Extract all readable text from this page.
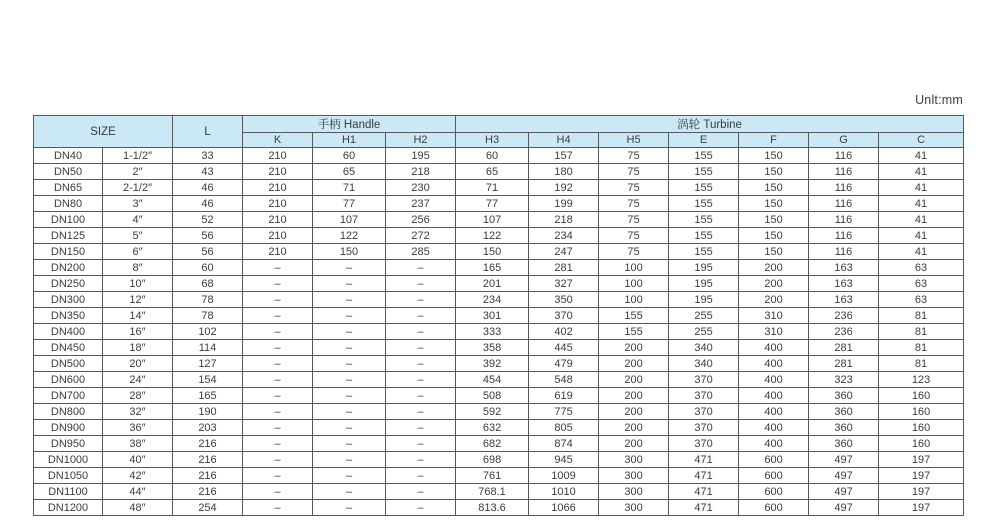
Unlt:mm
SIZE		L	手柄 Handle			涡轮 Turbine						
			K	H1	H2	H3	H4	H5	E	F	G	C
DN40	1-1/2″	33	210	60	195	60	157	75	155	150	116	41
DN50	2″	43	210	65	218	65	180	75	155	150	116	41
DN65	2-1/2″	46	210	71	230	71	192	75	155	150	116	41
DN80	3″	46	210	77	237	77	199	75	155	150	116	41
DN100	4″	52	210	107	256	107	218	75	155	150	116	41
DN125	5″	56	210	122	272	122	234	75	155	150	116	41
DN150	6″	56	210	150	285	150	247	75	155	150	116	41
DN200	8″	60	–	–	–	165	281	100	195	200	163	63
DN250	10″	68	–	–	–	201	327	100	195	200	163	63
DN300	12″	78	–	–	–	234	350	100	195	200	163	63
DN350	14″	78	–	–	–	301	370	155	255	310	236	81
DN400	16″	102	–	–	–	333	402	155	255	310	236	81
DN450	18″	114	–	–	–	358	445	200	340	400	281	81
DN500	20″	127	–	–	–	392	479	200	340	400	281	81
DN600	24″	154	–	–	–	454	548	200	370	400	323	123
DN700	28″	165	–	–	–	508	619	200	370	400	360	160
DN800	32″	190	–	–	–	592	775	200	370	400	360	160
DN900	36″	203	–	–	–	632	805	200	370	400	360	160
DN950	38″	216	–	–	–	682	874	200	370	400	360	160
DN1000	40″	216	–	–	–	698	945	300	471	600	497	197
DN1050	42″	216	–	–	–	761	1009	300	471	600	497	197
DN1100	44″	216	–	–	–	768.1	1010	300	471	600	497	197
DN1200	48″	254	–	–	–	813.6	1066	300	471	600	497	197
